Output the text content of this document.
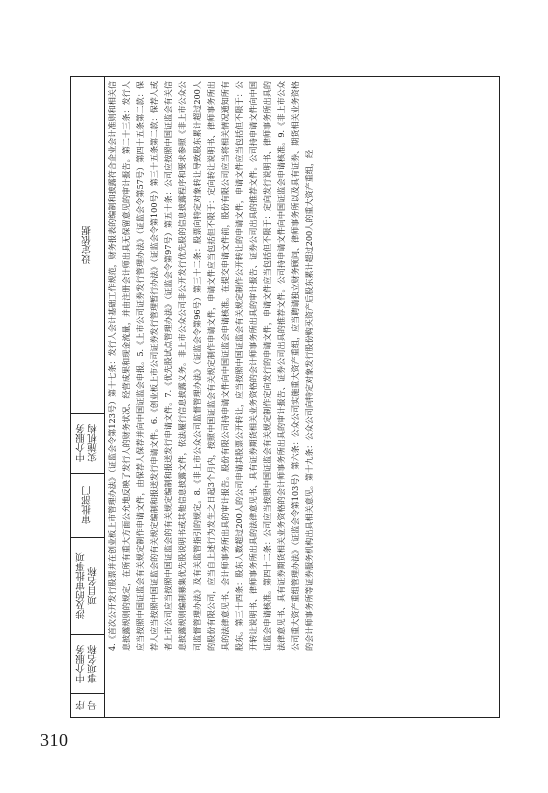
310
序
号
中介服务
事项名称
涉及的审批事项
项目名称
审批部门
中介服务
实施机构
设定依据	4.《首次公开发行股票并在创业板上市管理办法》（证监会令第123号）第十七条：发行人会计基础工作规范，财务报表的编制和披露符合企业会计准则和相关信息披露规则的规定，在所有重大方面公允地反映了发行人的财务状况、经营成果和现金流量，并由注册会计师出具无保留意见的审计报告。第二十三条：发行人应当按照中国证监会有关规定制作申请文件，由保荐人保荐并向中国证监会申报。5.《上市公司证券发行管理办法》（证监会令第57号）第四十五条第二款：保荐人应当按照中国证监会的有关规定编制和报送发行申请文件。6.《创业板上市公司证券发行管理暂行办法》（证监会令第100号）第三十五条第二款：保荐人或者上市公司应当按照中国证监会的有关规定编制和报送发行申请文件。7.《优先股试点管理办法》（证监会令第97号）第五十条：公司应按照中国证监会有关信息披露规则编制募集优先股说明书或其他信息披露文件，依法履行信息披露义务。非上市公众公司非公开发行优先股的信息披露程序和要求参照《非上市公众公司监督管理办法》及有关监管指引的规定。8.《非上市公众公司监督管理办法》（证监会令第96号）第三十二条：股票向特定对象转让导致股东累计超过200人的股份有限公司，应当自上述行为发生之日起3个月内，按照中国证监会有关规定制作申请文件，申请文件应当包括但不限于：定向转让说明书、律师事务所出具的法律意见书、会计师事务所出具的审计报告。股份有限公司持申请文件向中国证监会申请核准。在提交申请文件前，股份有限公司应当将相关情况通知所有股东。第三十四条：股东人数超过200人的公司申请其股票公开转让，应当按照中国证监会有关规定制作公开转让的申请文件，申请文件应当包括但不限于：公开转让说明书、律师事务所出具的法律意见书、具有证券期货相关业务资格的会计师事务所出具的审计报告、证券公司出具的推荐文件。公司持申请文件向中国证监会申请核准。第四十二条：公司应当按照中国证监会有关规定制作定向发行的申请文件，申请文件应当包括但不限于：定向发行说明书、律师事务所出具的法律意见书、具有证券期货相关业务资格的会计师事务所出具的审计报告、证券公司出具的推荐文件。公司持申请文件向中国证监会申请核准。9.《非上市公众公司重大资产重组管理办法》（证监会令第103号）第六条：公众公司实施重大资产重组，应当聘请独立财务顾问、律师事务所以及具有证券、期货相关业务资格的会计师事务所等证券服务机构出具相关意见。第十九条：公众公司向特定对象发行股份购买资产后股东累计超过200人的重大资产重组，经
